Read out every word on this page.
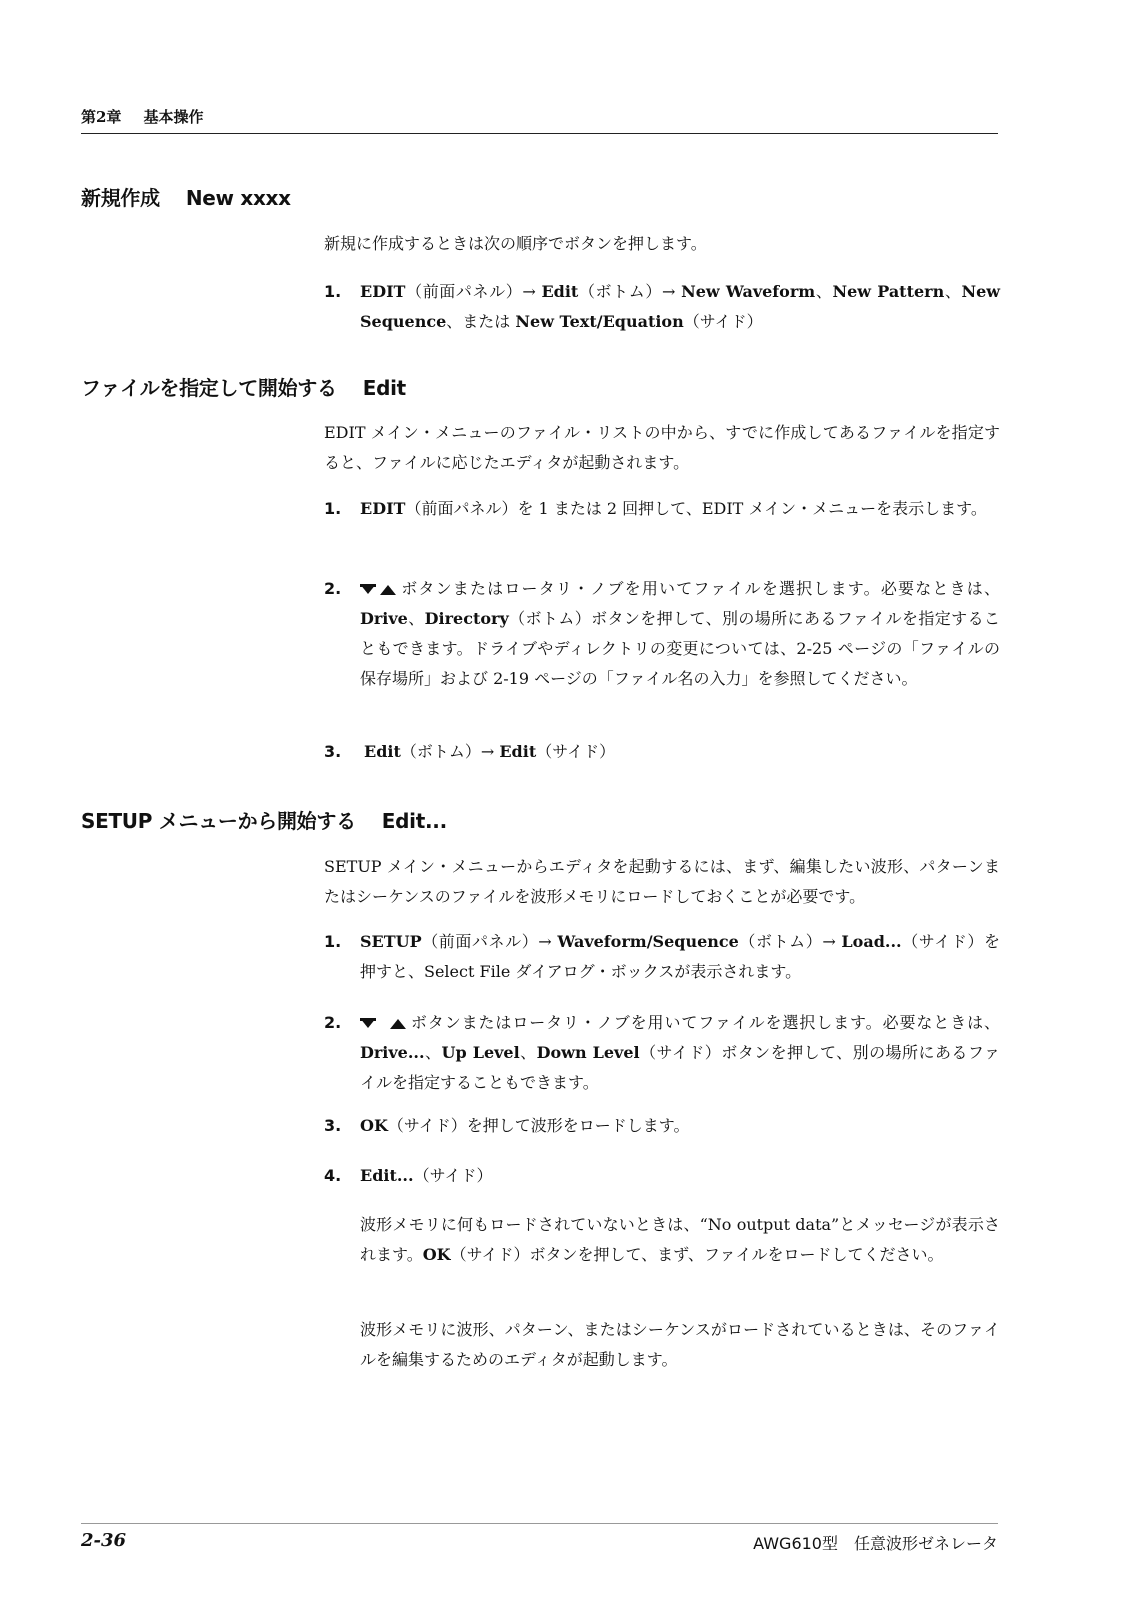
第2章 基本操作
新規作成 New xxxx

新規に作成するときは次の順序でボタンを押します。

1.	EDIT（前面パネル）→ Edit（ボトム）→ New Waveform、New Pattern、New Sequence、または New Text/Equation（サイド）
ファイルを指定して開始する Edit

EDIT メイン・メニューのファイル・リストの中から、すでに作成してあるファイルを指定すると、ファイルに応じたエディタが起動されます。

1.	EDIT（前面パネル）を 1 または 2 回押して、EDIT メイン・メニューを表示します。
2.	ボタンまたはロータリ・ノブを用いてファイルを選択します。必要なときは、Drive、Directory（ボトム）ボタンを押して、別の場所にあるファイルを指定することもできます。ドライブやディレクトリの変更については、2-25 ページの「ファイルの保存場所」および 2-19 ページの「ファイル名の入力」を参照してください。
3.	Edit（ボトム）→ Edit（サイド）
SETUP メニューから開始する Edit...

SETUP メイン・メニューからエディタを起動するには、まず、編集したい波形、パターンまたはシーケンスのファイルを波形メモリにロードしておくことが必要です。

1.	SETUP（前面パネル）→ Waveform/Sequence（ボトム）→ Load...（サイド）を 押すと、Select File ダイアログ・ボックスが表示されます。
2.	ボタンまたはロータリ・ノブを用いてファイルを選択します。必要なときは、Drive...、Up Level、Down Level（サイド）ボタンを押して、別の場所にあるファイルを指定することもできます。
3.	OK（サイド）を押して波形をロードします。
4.	Edit...（サイド）

波形メモリに何もロードされていないときは、“No output data”とメッセージが表示されます。OK（サイド）ボタンを押して、まず、ファイルをロードしてください。

波形メモリに波形、パターン、またはシーケンスがロードされているときは、そのファイルを編集するためのエディタが起動します。

2-36	AWG610型　任意波形ゼネレータ
